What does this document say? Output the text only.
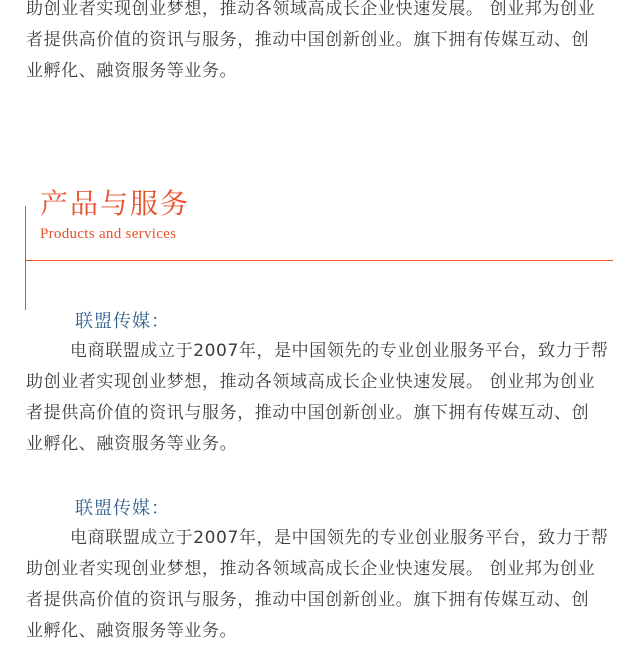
助创业者实现创业梦想，推动各领域高成长企业快速发展。 创业邦为创业
者提供高价值的资讯与服务，推动中国创新创业。旗下拥有传媒互动、创
业孵化、融资服务等业务。

产品与服务
Products and services
联盟传媒：

电商联盟成立于2007年，是中国领先的专业创业服务平台，致力于帮
助创业者实现创业梦想，推动各领域高成长企业快速发展。 创业邦为创业
者提供高价值的资讯与服务，推动中国创新创业。旗下拥有传媒互动、创
业孵化、融资服务等业务。

联盟传媒：

电商联盟成立于2007年，是中国领先的专业创业服务平台，致力于帮
助创业者实现创业梦想，推动各领域高成长企业快速发展。 创业邦为创业
者提供高价值的资讯与服务，推动中国创新创业。旗下拥有传媒互动、创
业孵化、融资服务等业务。
